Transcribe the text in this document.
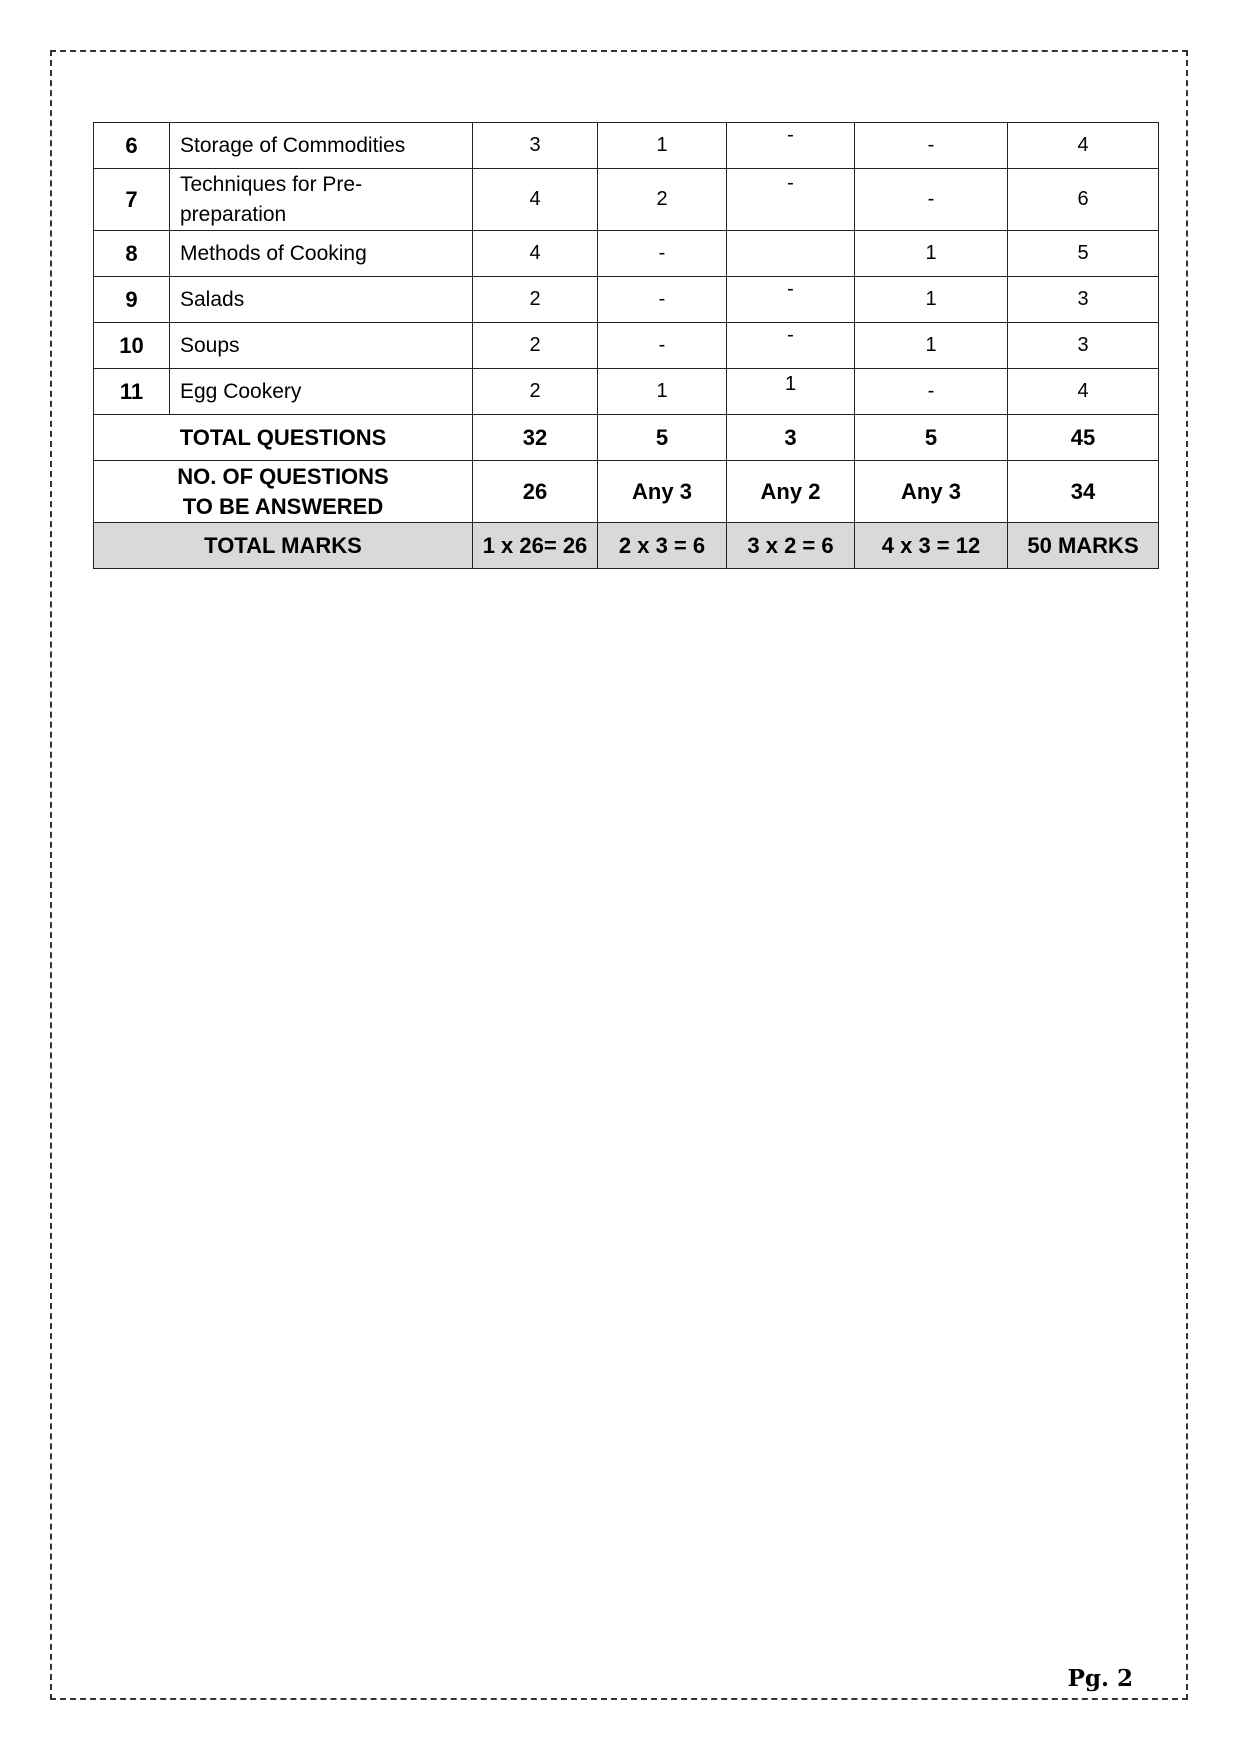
6	Storage of Commodities	3	1	-	-	4
7	Techniques for Pre-
preparation	4	2	-	-	6
8	Methods of Cooking	4	-		1	5
9	Salads	2	-	-	1	3
10	Soups	2	-	-	1	3
11	Egg Cookery	2	1	1	-	4
TOTAL QUESTIONS		32	5	3	5	45

NO. OF QUESTIONS
TO BE ANSWERED		26	Any 3	Any 2	Any 3	34
TOTAL MARKS		1 x 26= 26	2 x 3 = 6	3 x 2 = 6	4 x 3 = 12	50 MARKS
Pg. 2
